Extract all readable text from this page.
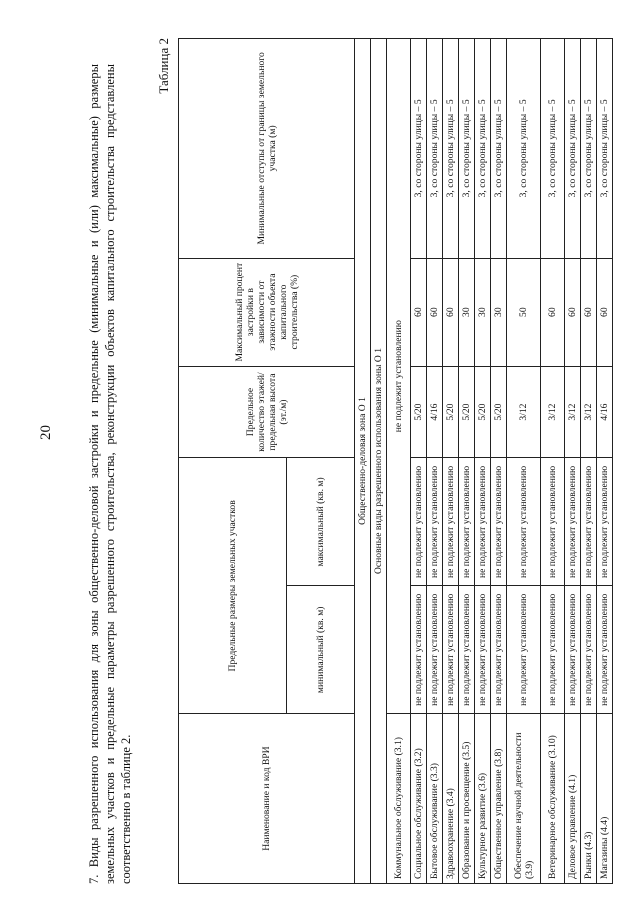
20	7. Виды разрешенного использования для зоны общественно-деловой застройки и предельные (минимальные и (или) максимальные) размеры земельных участков и предельные параметры разрешенного строительства, реконструкции объектов капитального строительства представлены соответственно в таблице 2.
Таблица 2
Наименование и код ВРИ	Предельные размеры земельных участков		Предельное количество этажей/ предельная высота (эт./м)	Максимальный процент застройки в зависимости от этажности объекта капитального строительства (%)	Минимальные отступы от границы земельного участка (м)
	минимальный (кв. м)	максимальный (кв. м)			
Общественно-деловая зона О 1					
Основные виды разрешенного использования зоны О 1					
Коммунальное обслуживание (3.1)	не подлежит установлению				
Социальное обслуживание (3.2)	не подлежит установлению	не подлежит установлению	5/20	60	3, со стороны улицы – 5
Бытовое обслуживание (3.3)	не подлежит установлению	не подлежит установлению	4/16	60	3, со стороны улицы – 5
Здравоохранение (3.4)	не подлежит установлению	не подлежит установлению	5/20	60	3, со стороны улицы – 5
Образование и просвещение (3.5)	не подлежит установлению	не подлежит установлению	5/20	30	3, со стороны улицы – 5
Культурное развитие (3.6)	не подлежит установлению	не подлежит установлению	5/20	30	3, со стороны улицы – 5
Общественное управление (3.8)	не подлежит установлению	не подлежит установлению	5/20	30	3, со стороны улицы – 5
Обеспечение научной деятельности (3.9)	не подлежит установлению	не подлежит установлению	3/12	50	3, со стороны улицы – 5
Ветеринарное обслуживание (3.10)	не подлежит установлению	не подлежит установлению	3/12	60	3, со стороны улицы – 5
Деловое управление (4.1)	не подлежит установлению	не подлежит установлению	3/12	60	3, со стороны улицы – 5
Рынки (4.3)	не подлежит установлению	не подлежит установлению	3/12	60	3, со стороны улицы – 5
Магазины (4.4)	не подлежит установлению	не подлежит установлению	4/16	60	3, со стороны улицы – 5
